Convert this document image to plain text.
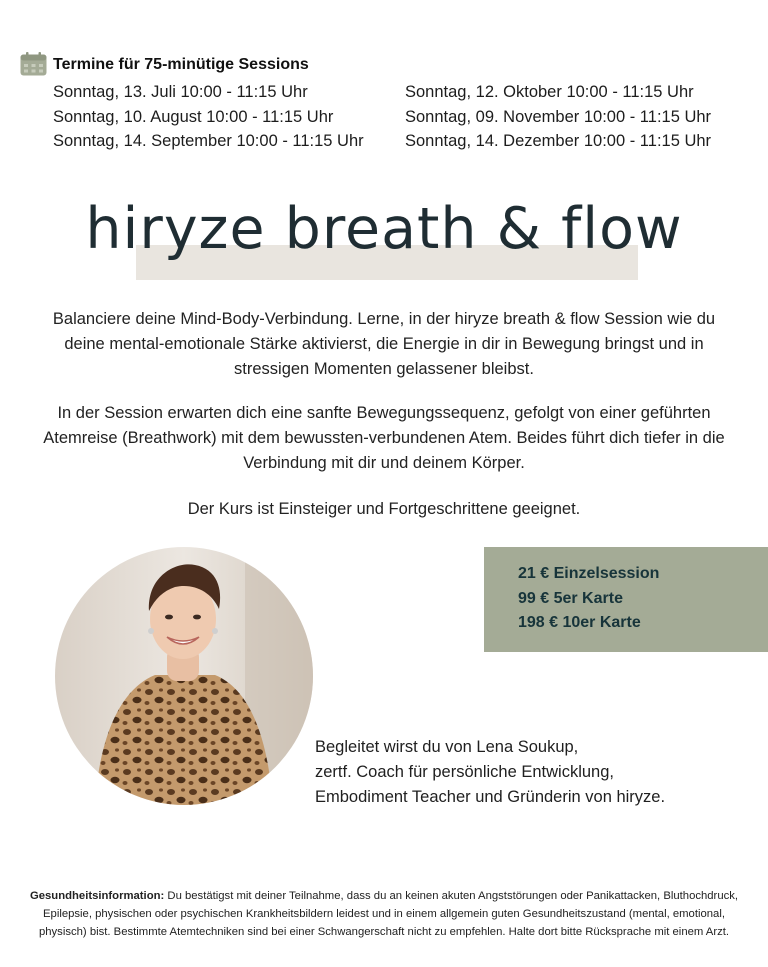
Termine für 75-minütige Sessions
Sonntag, 13. Juli 10:00 - 11:15 Uhr
Sonntag, 10. August 10:00 - 11:15 Uhr
Sonntag, 14. September 10:00 - 11:15 Uhr
Sonntag, 12. Oktober 10:00 - 11:15 Uhr
Sonntag, 09. November 10:00 - 11:15 Uhr
Sonntag, 14. Dezember 10:00 - 11:15 Uhr
hiryze breath & flow
Balanciere deine Mind-Body-Verbindung. Lerne, in der hiryze breath & flow Session wie du deine mental-emotionale Stärke aktivierst, die Energie in dir in Bewegung bringst und in stressigen Momenten gelassener bleibst.
In der Session erwarten dich eine sanfte Bewegungssequenz, gefolgt von einer geführten Atemreise (Breathwork) mit dem bewussten-verbundenen Atem. Beides führt dich tiefer in die Verbindung mit dir und deinem Körper.
Der Kurs ist Einsteiger und Fortgeschrittene geeignet.
21 € Einzelsession
99 € 5er Karte
198 € 10er Karte
Begleitet wirst du von Lena Soukup,
zertf. Coach für persönliche Entwicklung,
Embodiment Teacher und Gründerin von hiryze.
Gesundheitsinformation: Du bestätigst mit deiner Teilnahme, dass du an keinen akuten Angststörungen oder Panikattacken, Bluthochdruck, Epilepsie, physischen oder psychischen Krankheitsbildern leidest und in einem allgemein guten Gesundheitszustand (mental, emotional, physisch) bist. Bestimmte Atemtechniken sind bei einer Schwangerschaft nicht zu empfehlen. Halte dort bitte Rücksprache mit einem Arzt.
